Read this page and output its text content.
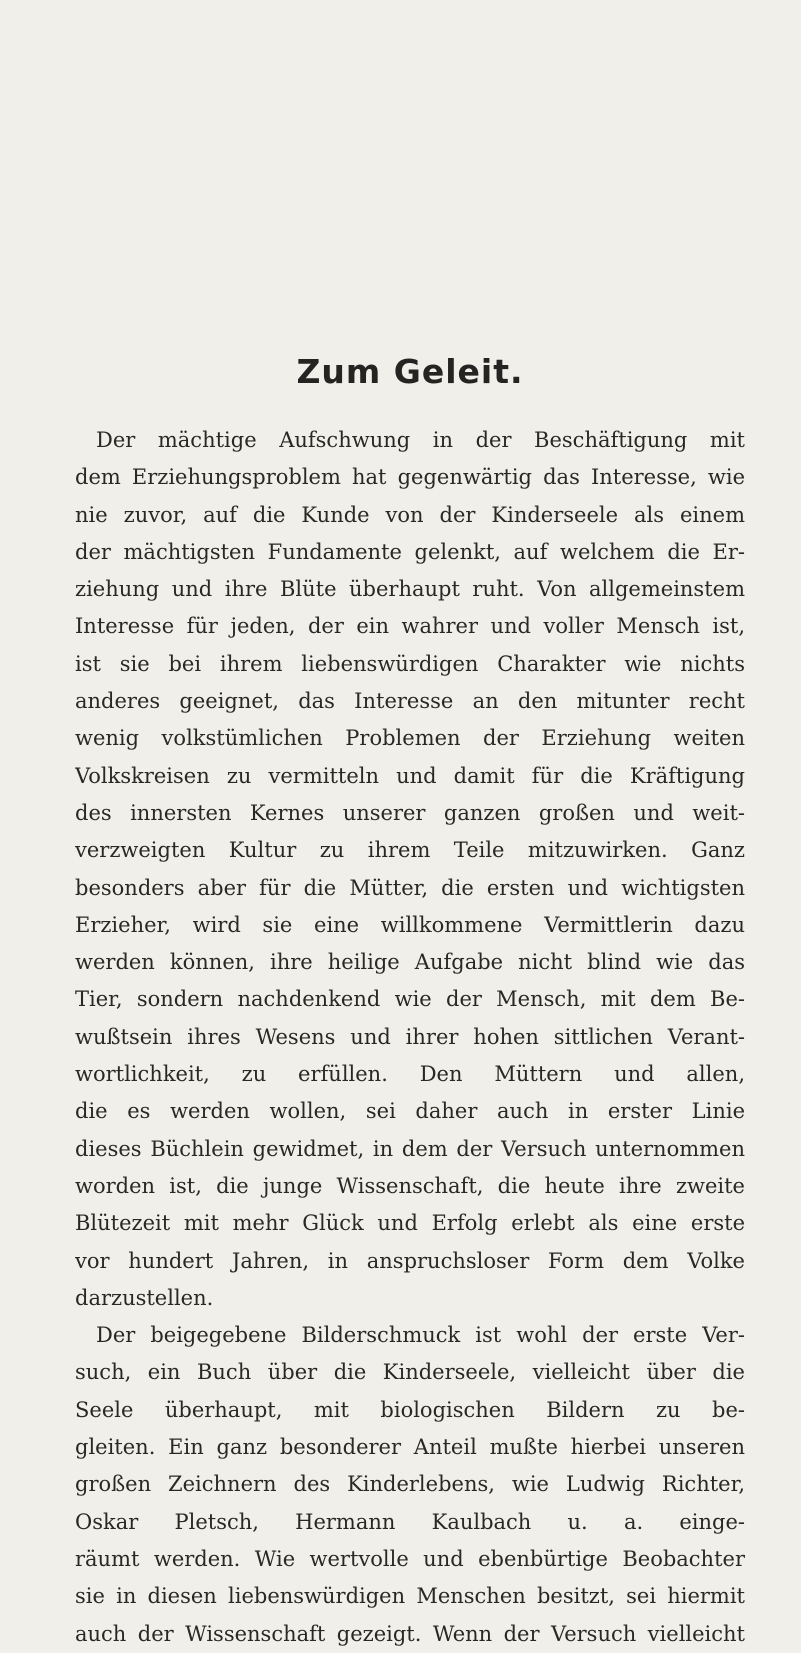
Zum Geleit.
Der mächtige Aufschwung in der Beschäftigung mit
dem Erziehungsproblem hat gegenwärtig das Interesse, wie
nie zuvor, auf die Kunde von der Kinderseele als einem
der mächtigsten Fundamente gelenkt, auf welchem die Er-
ziehung und ihre Blüte überhaupt ruht. Von allgemeinstem
Interesse für jeden, der ein wahrer und voller Mensch ist,
ist sie bei ihrem liebenswürdigen Charakter wie nichts
anderes geeignet, das Interesse an den mitunter recht
wenig volkstümlichen Problemen der Erziehung weiten
Volkskreisen zu vermitteln und damit für die Kräftigung
des innersten Kernes unserer ganzen großen und weit-
verzweigten Kultur zu ihrem Teile mitzuwirken. Ganz
besonders aber für die Mütter, die ersten und wichtigsten
Erzieher, wird sie eine willkommene Vermittlerin dazu
werden können, ihre heilige Aufgabe nicht blind wie das
Tier, sondern nachdenkend wie der Mensch, mit dem Be-
wußtsein ihres Wesens und ihrer hohen sittlichen Verant-
wortlichkeit, zu erfüllen. Den Müttern und allen,
die es werden wollen, sei daher auch in erster Linie
dieses Büchlein gewidmet, in dem der Versuch unternommen
worden ist, die junge Wissenschaft, die heute ihre zweite
Blütezeit mit mehr Glück und Erfolg erlebt als eine erste
vor hundert Jahren, in anspruchsloser Form dem Volke
darzustellen.
Der beigegebene Bilderschmuck ist wohl der erste Ver-
such, ein Buch über die Kinderseele, vielleicht über die
Seele überhaupt, mit biologischen Bildern zu be-
gleiten. Ein ganz besonderer Anteil mußte hierbei unseren
großen Zeichnern des Kinderlebens, wie Ludwig Richter,
Oskar Pletsch, Hermann Kaulbach u. a. einge-
räumt werden. Wie wertvolle und ebenbürtige Beobachter
sie in diesen liebenswürdigen Menschen besitzt, sei hiermit
auch der Wissenschaft gezeigt. Wenn der Versuch vielleicht
